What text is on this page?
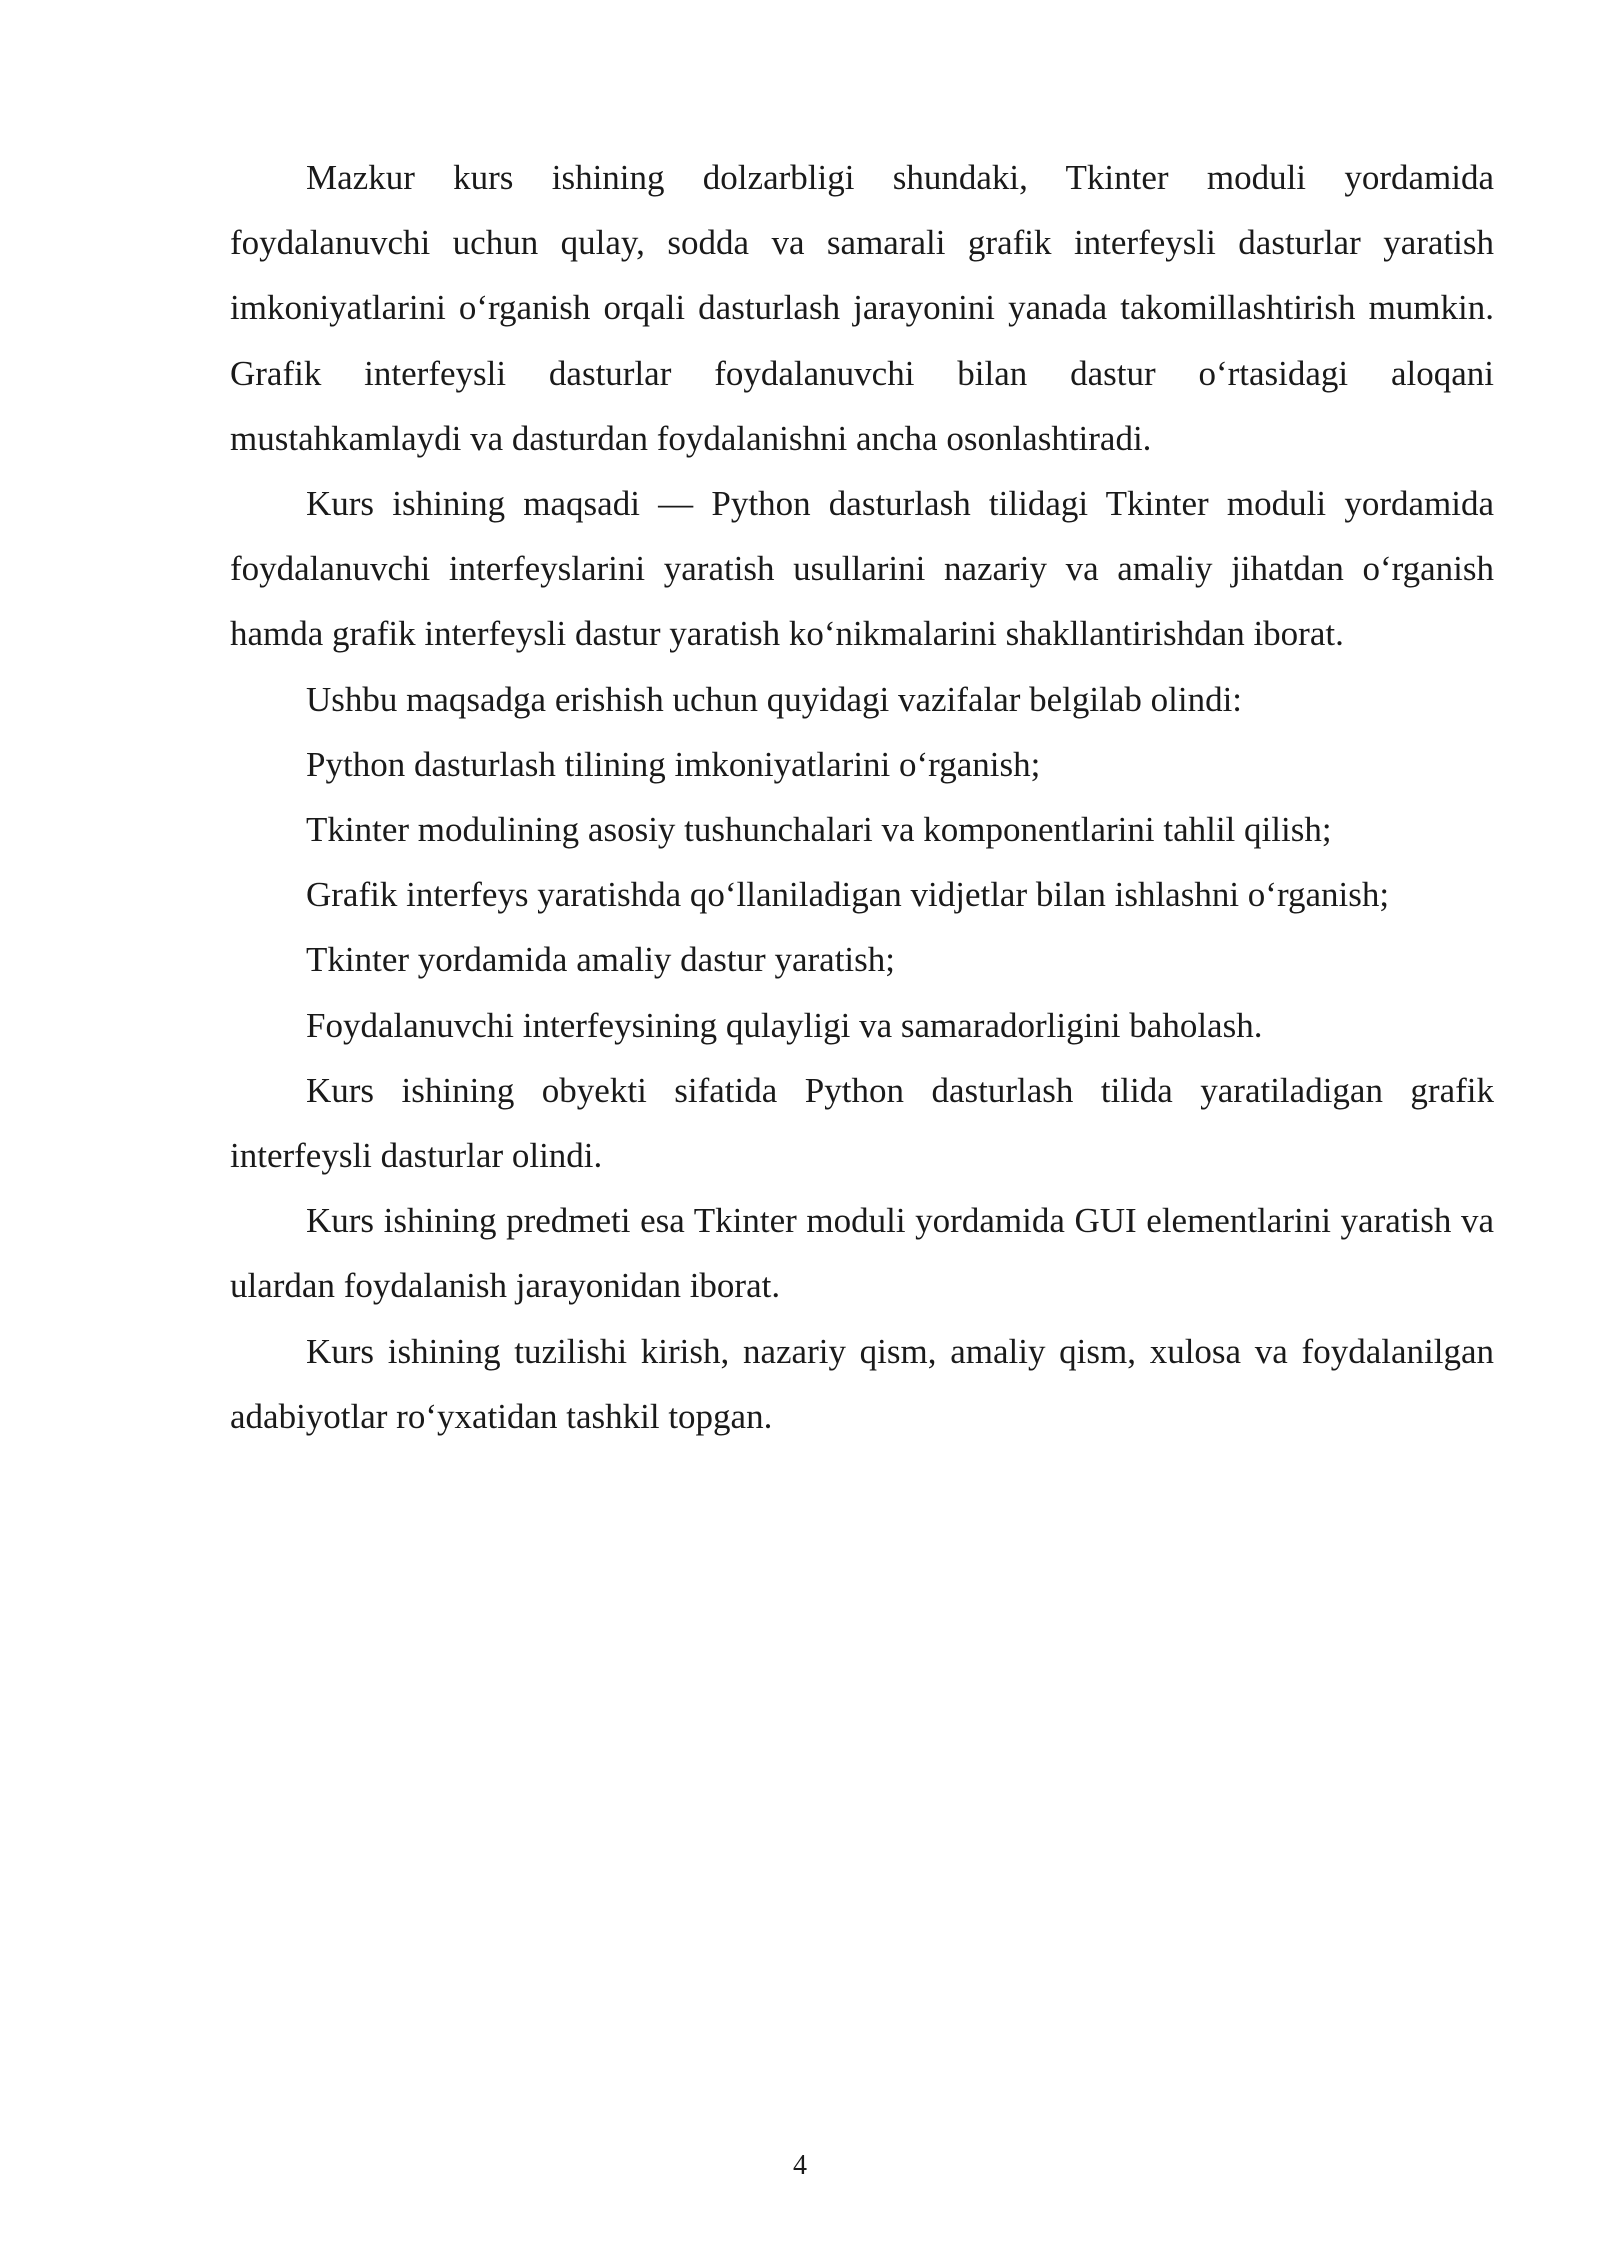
Mazkur kurs ishining dolzarbligi shundaki, Tkinter moduli yordamida foydalanuvchi uchun qulay, sodda va samarali grafik interfeysli dasturlar yaratish imkoniyatlarini o‘rganish orqali dasturlash jarayonini yanada takomillashtirish mumkin. Grafik interfeysli dasturlar foydalanuvchi bilan dastur o‘rtasidagi aloqani mustahkamlaydi va dasturdan foydalanishni ancha osonlashtiradi.

Kurs ishining maqsadi — Python dasturlash tilidagi Tkinter moduli yordamida foydalanuvchi interfeyslarini yaratish usullarini nazariy va amaliy jihatdan o‘rganish hamda grafik interfeysli dastur yaratish ko‘nikmalarini shakllantirishdan iborat.

Ushbu maqsadga erishish uchun quyidagi vazifalar belgilab olindi:

Python dasturlash tilining imkoniyatlarini o‘rganish;

Tkinter modulining asosiy tushunchalari va komponentlarini tahlil qilish;

Grafik interfeys yaratishda qo‘llaniladigan vidjetlar bilan ishlashni o‘rganish;

Tkinter yordamida amaliy dastur yaratish;

Foydalanuvchi interfeysining qulayligi va samaradorligini baholash.

Kurs ishining obyekti sifatida Python dasturlash tilida yaratiladigan grafik interfeysli dasturlar olindi.

Kurs ishining predmeti esa Tkinter moduli yordamida GUI elementlarini yaratish va ulardan foydalanish jarayonidan iborat.

Kurs ishining tuzilishi kirish, nazariy qism, amaliy qism, xulosa va foydalanilgan adabiyotlar ro‘yxatidan tashkil topgan.

4
